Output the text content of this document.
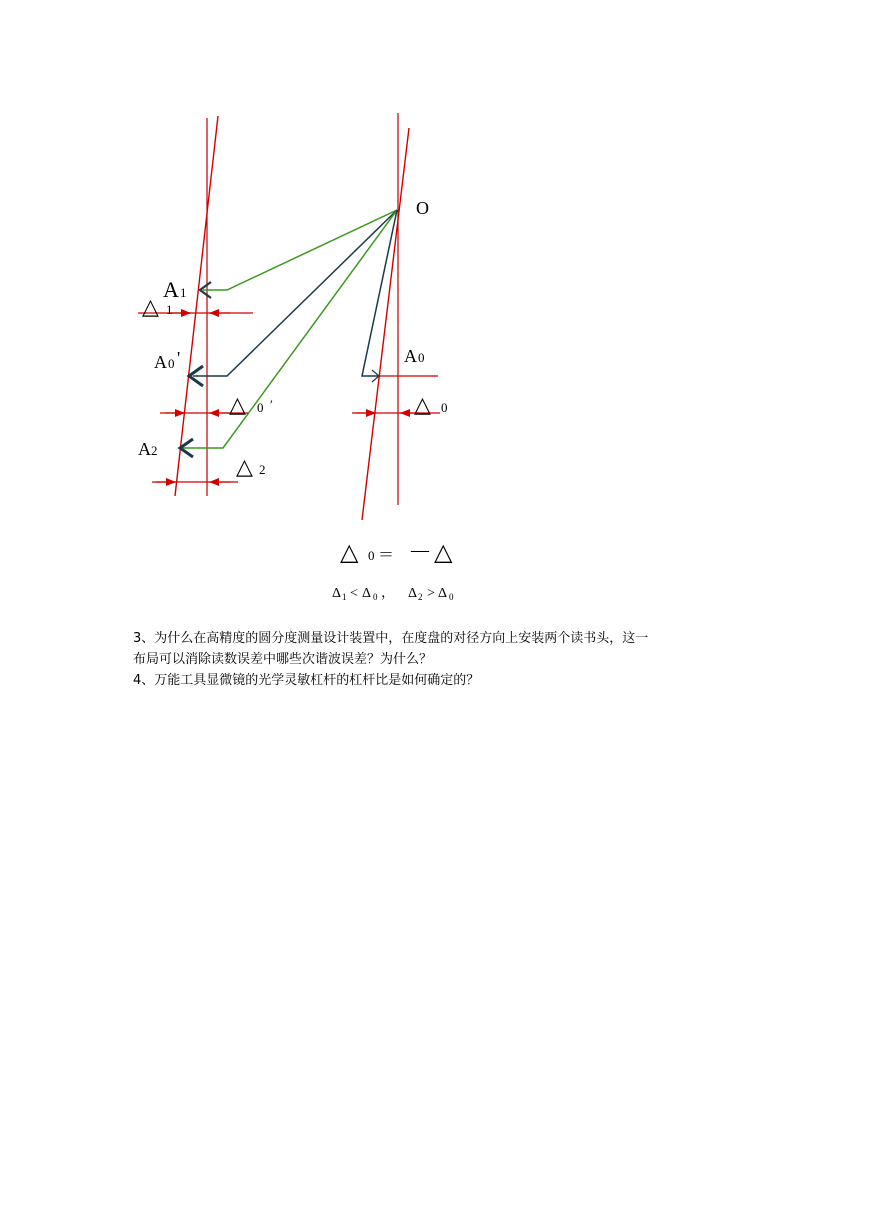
O
A 1
A 0 '
A 2
A 0
△ 1
△ 0 ′
△ 2
△ 0
△ 0 ＝ － △
Δ 1 < Δ 0 ， Δ 2 > Δ 0

3、为什么在高精度的圆分度测量设计装置中，在度盘的对径方向上安装两个读书头，这一

布局可以消除读数误差中哪些次谐波误差？为什么？

4、万能工具显微镜的光学灵敏杠杆的杠杆比是如何确定的？
